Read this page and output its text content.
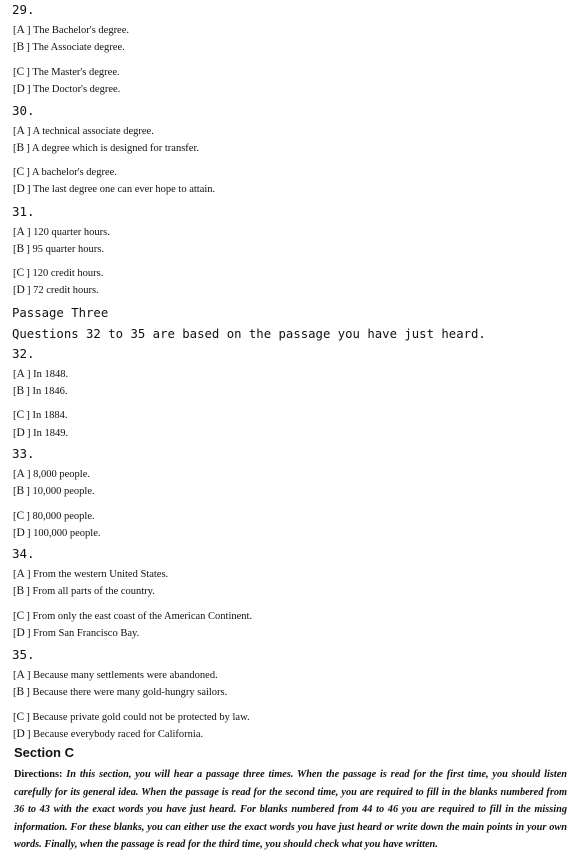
29.
[A ] The Bachelor's degree.
[B ] The Associate degree.
[C ] The Master's degree.
[D ] The Doctor's degree.
30.
[A ] A technical associate degree.
[B ] A degree which is designed for transfer.
[C ] A bachelor's degree.
[D ] The last degree one can ever hope to attain.
31.
[A ] 120 quarter hours.
[B ] 95 quarter hours.
[C ] 120 credit hours.
[D ] 72 credit hours.
Passage Three
Questions 32 to 35 are based on the passage you have just heard.
32.
[A ] In 1848.
[B ] In 1846.
[C ] In 1884.
[D ] In 1849.
33.
[A ] 8,000 people.
[B ] 10,000 people.
[C ] 80,000 people.
[D ] 100,000 people.
34.
[A ] From the western United States.
[B ] From all parts of the country.
[C ] From only the east coast of the American Continent.
[D ] From San Francisco Bay.
35.
[A ] Because many settlements were abandoned.
[B ] Because there were many gold-hungry sailors.
[C ] Because private gold could not be protected by law.
[D ] Because everybody raced for California.
Section C
Directions: In this section, you will hear a passage three times. When the passage is read for the first time, you should listen carefully for its general idea. When the passage is read for the second time, you are required to fill in the blanks numbered from 36 to 43 with the exact words you have just heard. For blanks numbered from 44 to 46 you are required to fill in the missing information. For these blanks, you can either use the exact words you have just heard or write down the main points in your own words. Finally, when the passage is read for the third time, you should check what you have written.
